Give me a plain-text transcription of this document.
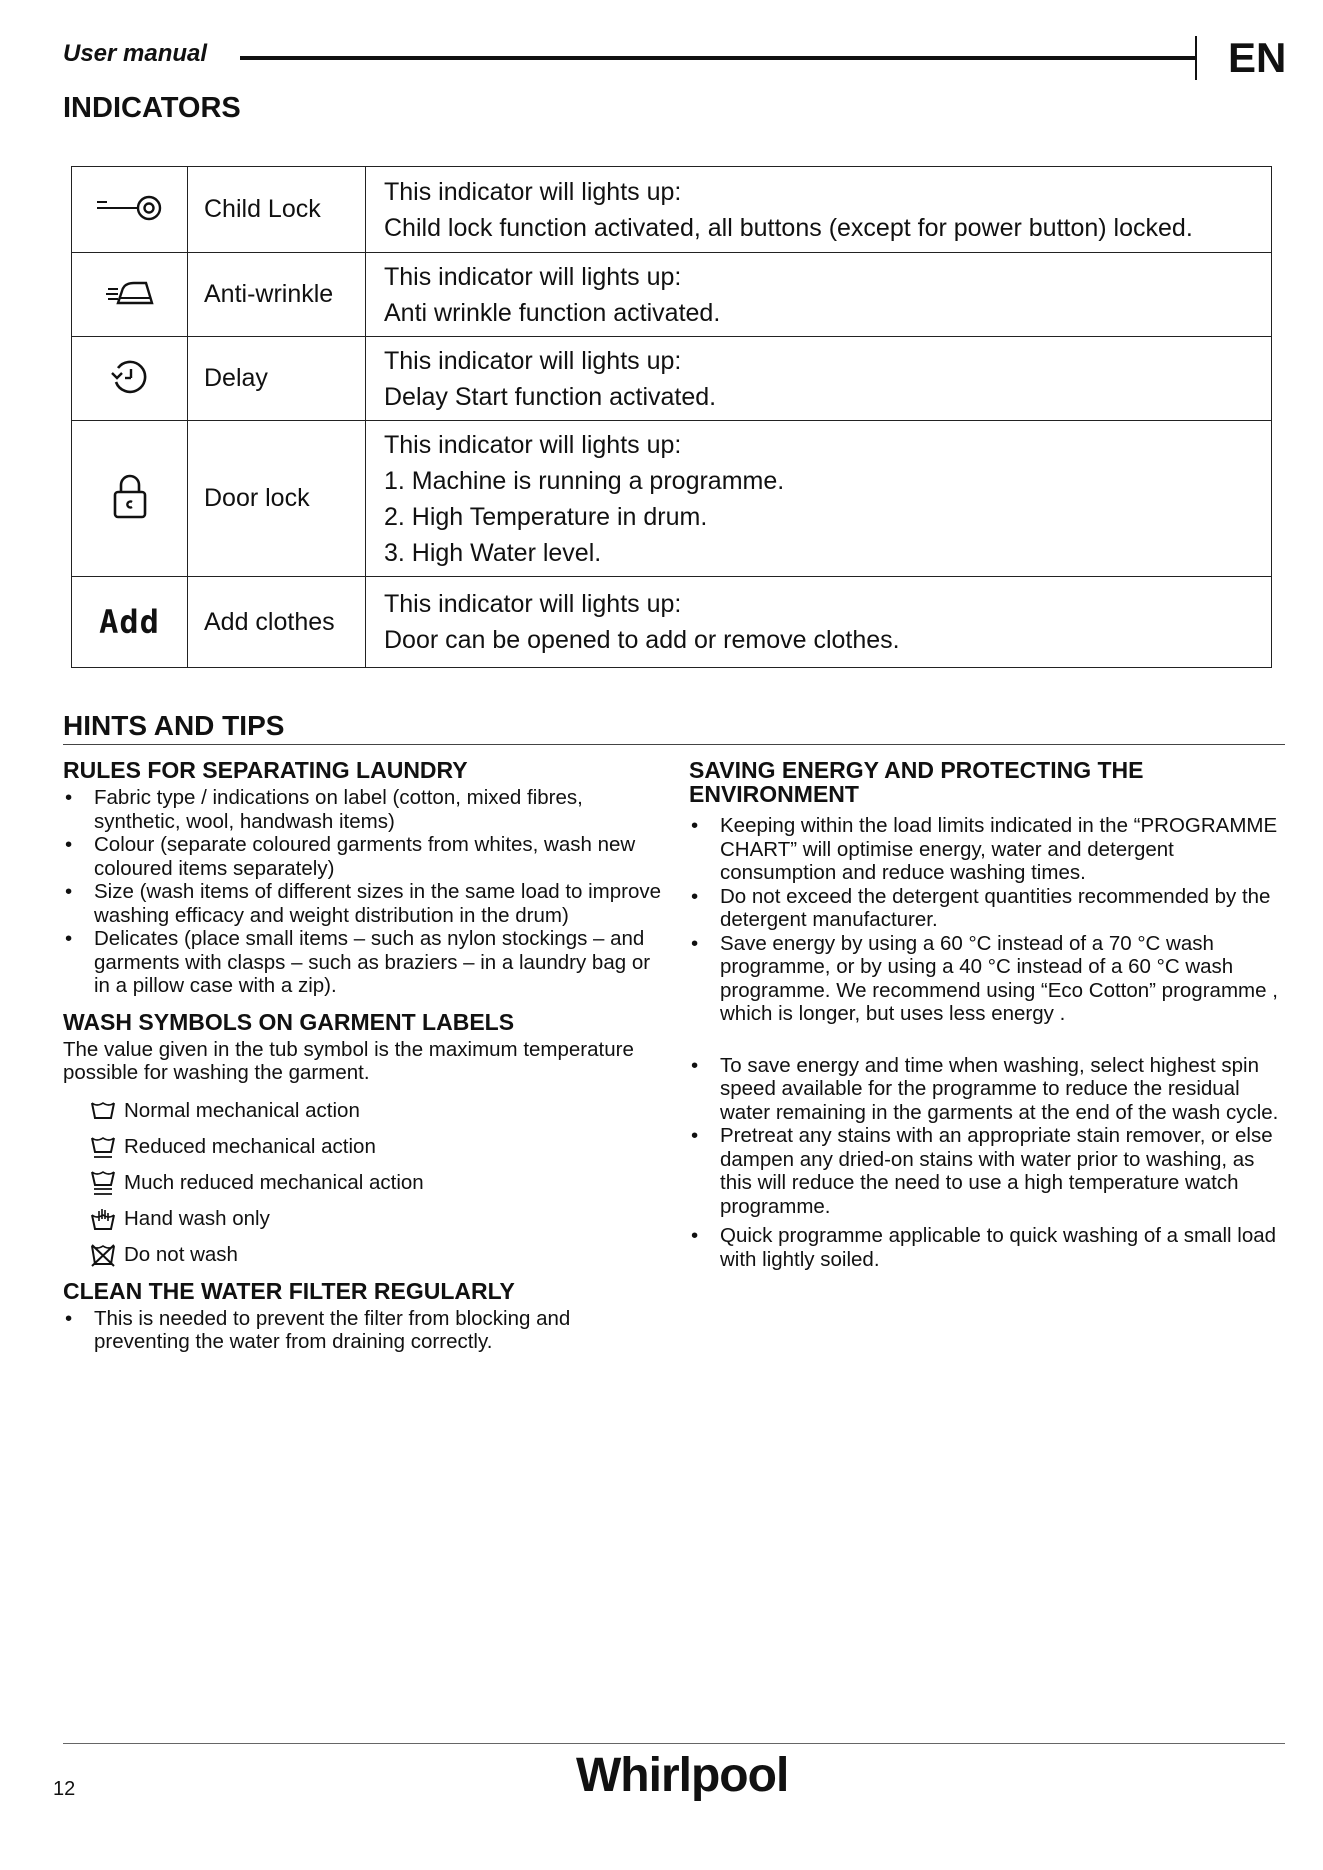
User manual	EN
INDICATORS
	Child Lock	This indicator will lights up:
Child lock function activated, all buttons (except for power button) locked.

	Anti-wrinkle	This indicator will lights up:
Anti wrinkle function activated.

	Delay	This indicator will lights up:
Delay Start function activated.

	Door lock	This indicator will lights up:
1. Machine is running a programme.
2. High Temperature in drum.
3. High Water level.

Add	Add clothes	This indicator will lights up:
Door can be opened to add or remove clothes.
HINTS AND TIPS

RULES FOR SEPARATING LAUNDRY

• Fabric type / indications on label (cotton, mixed fibres, synthetic, wool, handwash items)
• Colour (separate coloured garments from whites, wash new coloured items separately)
• Size (wash items of different sizes in the same load to improve washing efficacy and weight distribution in the drum)
• Delicates (place small items – such as nylon stockings – and garments with clasps – such as braziers – in a laundry bag or in a pillow case with a zip).

WASH SYMBOLS ON GARMENT LABELS

The value given in the tub symbol is the maximum temperature possible for washing the garment.

Normal mechanical action
Reduced mechanical action
Much reduced mechanical action
Hand wash only
Do not wash

CLEAN THE WATER FILTER REGULARLY

• This is needed to prevent the filter from blocking and preventing the water from draining correctly.

SAVING ENERGY AND PROTECTING THE ENVIRONMENT

• Keeping within the load limits indicated in the “PROGRAMME CHART” will optimise energy, water and detergent consumption and reduce washing times.
• Do not exceed the detergent quantities recommended by the detergent manufacturer.
• Save energy by using a 60 °C instead of a 70 °C wash programme, or by using a 40 °C instead of a 60 °C wash programme. We recommend using “Eco Cotton” programme , which is longer, but uses less energy .
• To save energy and time when washing, select highest spin speed available for the programme to reduce the residual water remaining in the garments at the end of the wash cycle.
• Pretreat any stains with an appropriate stain remover, or else dampen any dried-on stains with water prior to washing, as this will reduce the need to use a high temperature watch programme.
• Quick programme applicable to quick washing of a small load with lightly soiled.
12	Whirlpool
